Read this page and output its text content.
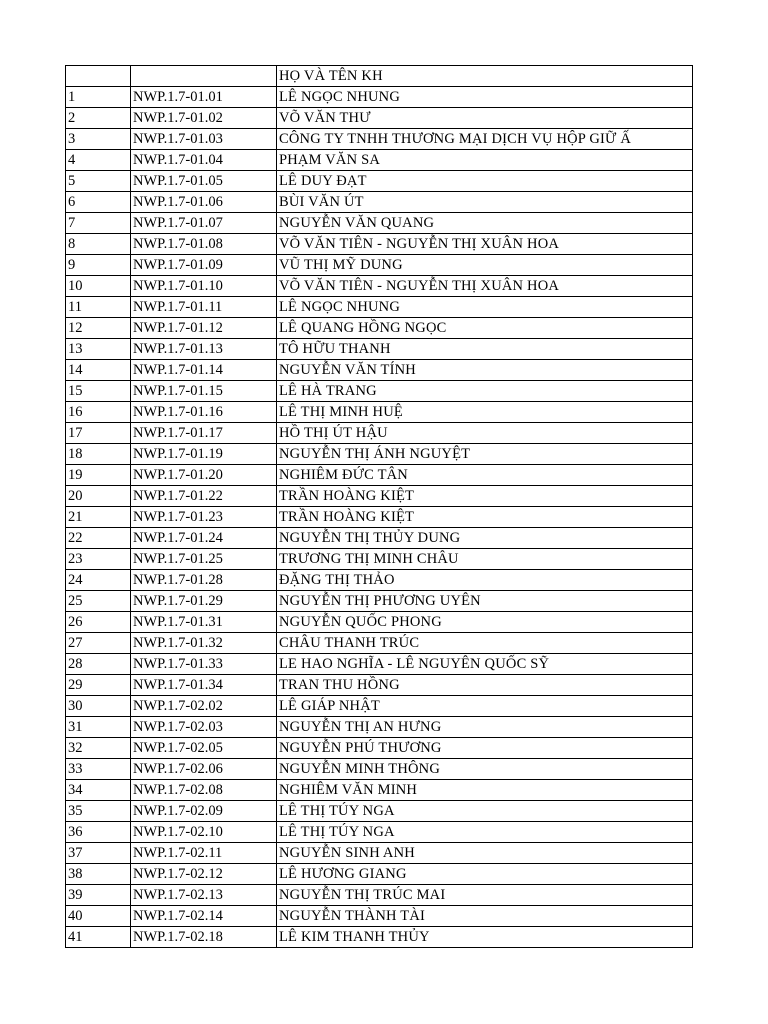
		HỌ VÀ TÊN KH
1	NWP.1.7-01.01	LÊ NGỌC NHUNG
2	NWP.1.7-01.02	VÕ VĂN THƯ
3	NWP.1.7-01.03	CÔNG TY TNHH THƯƠNG MẠI DỊCH VỤ HỘP GIỮ Ấ
4	NWP.1.7-01.04	PHẠM VĂN SA
5	NWP.1.7-01.05	LÊ DUY ĐẠT
6	NWP.1.7-01.06	BÙI VĂN ÚT
7	NWP.1.7-01.07	NGUYỄN VĂN QUANG
8	NWP.1.7-01.08	VÕ VĂN TIÊN - NGUYỄN THỊ XUÂN HOA
9	NWP.1.7-01.09	VŨ THỊ MỸ DUNG
10	NWP.1.7-01.10	VÕ VĂN TIÊN - NGUYỄN THỊ XUÂN HOA
11	NWP.1.7-01.11	LÊ NGỌC NHUNG
12	NWP.1.7-01.12	LÊ QUANG HỒNG NGỌC
13	NWP.1.7-01.13	TÔ HỮU THANH
14	NWP.1.7-01.14	NGUYỄN VĂN TÍNH
15	NWP.1.7-01.15	LÊ HÀ TRANG
16	NWP.1.7-01.16	LÊ THỊ MINH HUỆ
17	NWP.1.7-01.17	HỒ THỊ ÚT HẬU
18	NWP.1.7-01.19	NGUYỄN THỊ ÁNH NGUYỆT
19	NWP.1.7-01.20	NGHIÊM ĐỨC TÂN
20	NWP.1.7-01.22	TRẦN HOÀNG KIỆT
21	NWP.1.7-01.23	TRẦN HOÀNG KIỆT
22	NWP.1.7-01.24	NGUYỄN THỊ THỦY DUNG
23	NWP.1.7-01.25	TRƯƠNG THỊ MINH CHÂU
24	NWP.1.7-01.28	ĐẶNG THỊ THẢO
25	NWP.1.7-01.29	NGUYỄN THỊ PHƯƠNG UYÊN
26	NWP.1.7-01.31	NGUYỄN QUỐC PHONG
27	NWP.1.7-01.32	CHÂU THANH TRÚC
28	NWP.1.7-01.33	LE HAO NGHĨA - LÊ NGUYÊN QUỐC SỸ
29	NWP.1.7-01.34	TRAN THU HỒNG
30	NWP.1.7-02.02	LÊ GIÁP NHẬT
31	NWP.1.7-02.03	NGUYỄN THỊ AN HƯNG
32	NWP.1.7-02.05	NGUYỄN PHÚ THƯƠNG
33	NWP.1.7-02.06	NGUYỄN MINH THÔNG
34	NWP.1.7-02.08	NGHIÊM VĂN MINH
35	NWP.1.7-02.09	LÊ THỊ TÚY NGA
36	NWP.1.7-02.10	LÊ THỊ TÚY NGA
37	NWP.1.7-02.11	NGUYỄN SINH ANH
38	NWP.1.7-02.12	LÊ HƯƠNG GIANG
39	NWP.1.7-02.13	NGUYỄN THỊ TRÚC MAI
40	NWP.1.7-02.14	NGUYỄN THÀNH TÀI
41	NWP.1.7-02.18	LÊ KIM THANH THỦY
